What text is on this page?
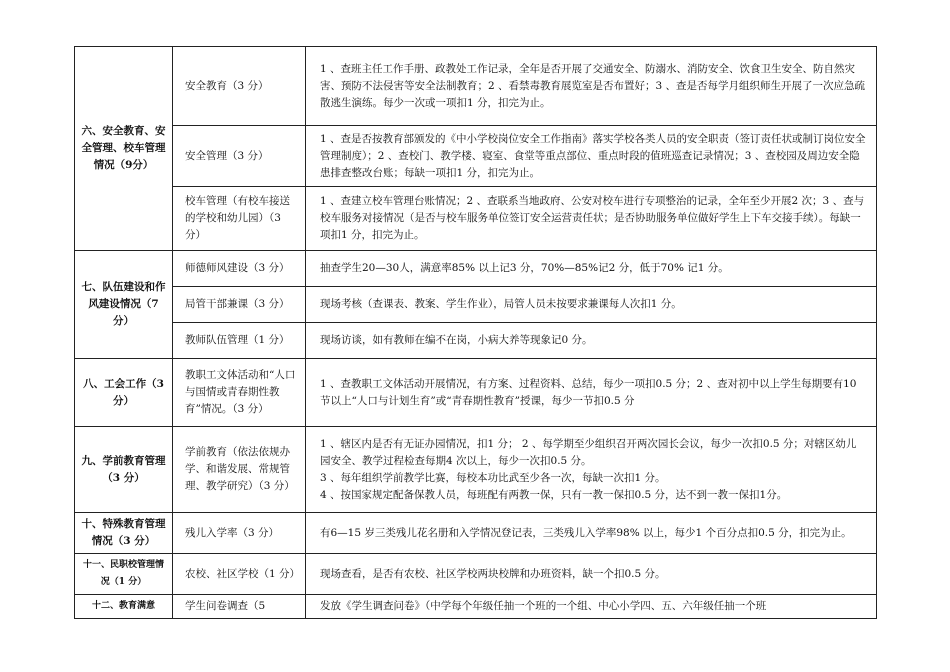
六、安全教育、安全管理、校车管理情况（9分）	安全教育（3 分）	1 、查班主任工作手册、政教处工作记录，全年是否开展了交通安全、防溺水、消防安全、饮食卫生安全、防自然灾害、预防不法侵害等安全法制教育；2 、看禁毒教育展览室是否布置好；3 、查是否每学月组织师生开展了一次应急疏散逃生演练。每少一次或一项扣1 分，扣完为止。
	安全管理（3 分）	1 、查是否按教育部颁发的《中小学校岗位安全工作指南》落实学校各类人员的安全职责（签订责任状或制订岗位安全管理制度）；2 、查校门、教学楼、寝室、食堂等重点部位、重点时段的值班巡查记录情况；3 、查校园及周边安全隐患排查整改台账；每缺一项扣1 分，扣完为止。
	校车管理（有校车接送的学校和幼儿园）（3 分）	1 、查建立校车管理台账情况；2 、查联系当地政府、公安对校车进行专项整治的记录，全年至少开展2 次；3 、查与校车服务对接情况（是否与校车服务单位签订安全运营责任状；是否协助服务单位做好学生上下车交接手续）。每缺一项扣1 分，扣完为止。
七、队伍建设和作风建设情况（7 分）	师德师风建设（3 分）	抽查学生20—30人，满意率85% 以上记3 分，70%—85%记2 分，低于70% 记1 分。
	局管干部兼课（3 分）	现场考核（查课表、教案、学生作业），局管人员未按要求兼课每人次扣1 分。
	教师队伍管理（1 分）	现场访谈，如有教师在编不在岗，小病大养等现象记0 分。
八、工会工作（3 分）	教职工文体活动和“人口与国情或青春期性教育”情况。（3 分）	1 、查教职工文体活动开展情况，有方案、过程资料、总结，每少一项扣0.5 分；2 、查对初中以上学生每期要有10节以上“人口与计划生育”或“青春期性教育”授课，每少一节扣0.5 分
九、学前教育管理（3 分）	学前教育（依法依规办学、和谐发展、常规管理、教学研究）（3 分）	1 、辖区内是否有无证办园情况，扣1 分； 2 、每学期至少组织召开两次园长会议，每少一次扣0.5 分；对辖区幼儿园安全、教学过程检查每期4 次以上，每少一次扣0.5 分。
3 、每年组织学前教学比赛，每校本功比武至少各一次，每缺一次扣1 分。
4 、按国家规定配备保教人员，每班配有两教一保，只有一教一保扣0.5 分，达不到一教一保扣1分。

十、特殊教育管理情况（3 分）	残儿入学率（3 分）	有6—15 岁三类残儿花名册和入学情况登记表，三类残儿入学率98% 以上，每少1 个百分点扣0.5 分，扣完为止。
十一、民职校管理情况（1 分）	农校、社区学校（1 分）	现场查看，是否有农校、社区学校两块校牌和办班资料，缺一个扣0.5 分。
十二、教育满意	学生问卷调查（5	发放《学生调查问卷》（中学每个年级任抽一个班的一个组、中心小学四、五、六年级任抽一个班
